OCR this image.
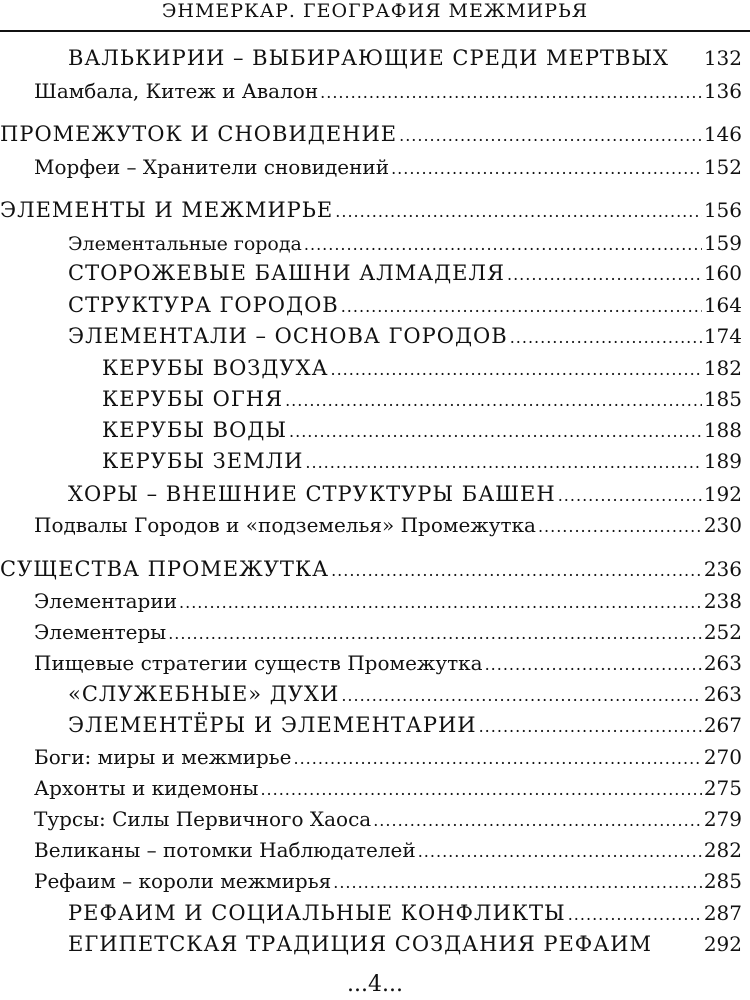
ЭНМЕРКАР. ГЕОГРАФИЯ МЕЖМИРЬЯ
ВАЛЬКИРИИ – ВЫБИРАЮЩИЕ СРЕДИ МЕРТВЫХ 132
Шамбала, Китеж и Авалон .....	136
ПРОМЕЖУТОК И СНОВИДЕНИЕ .....	146
Морфеи – Хранители сновидений .....	152
ЭЛЕМЕНТЫ И МЕЖМИРЬЕ .....	156
Элементальные города .....	159
СТОРОЖЕВЫЕ БАШНИ АЛМАДЕЛЯ .....	160
СТРУКТУРА ГОРОДОВ .....	164
ЭЛЕМЕНТАЛИ – ОСНОВА ГОРОДОВ .....	174
КЕРУБЫ ВОЗДУХА .....	182
КЕРУБЫ ОГНЯ .....	185
КЕРУБЫ ВОДЫ .....	188
КЕРУБЫ ЗЕМЛИ .....	189
ХОРЫ – ВНЕШНИЕ СТРУКТУРЫ БАШЕН .....	192
Подвалы Городов и «подземелья» Промежутка .....	230
СУЩЕСТВА ПРОМЕЖУТКА .....	236
Элементарии .....	238
Элементеры .....	252
Пищевые стратегии существ Промежутка .....	263
«СЛУЖЕБНЫЕ» ДУХИ .....	263
ЭЛЕМЕНТЁРЫ И ЭЛЕМЕНТАРИИ .....	267
Боги: миры и межмирье .....	270
Архонты и кидемоны .....	275
Турсы: Силы Первичного Хаоса .....	279
Великаны – потомки Наблюдателей .....	282
Рефаим – короли межмирья .....	285
РЕФАИМ И СОЦИАЛЬНЫЕ КОНФЛИКТЫ .....	287
ЕГИПЕТСКАЯ ТРАДИЦИЯ СОЗДАНИЯ РЕФАИМ	292
...4...
